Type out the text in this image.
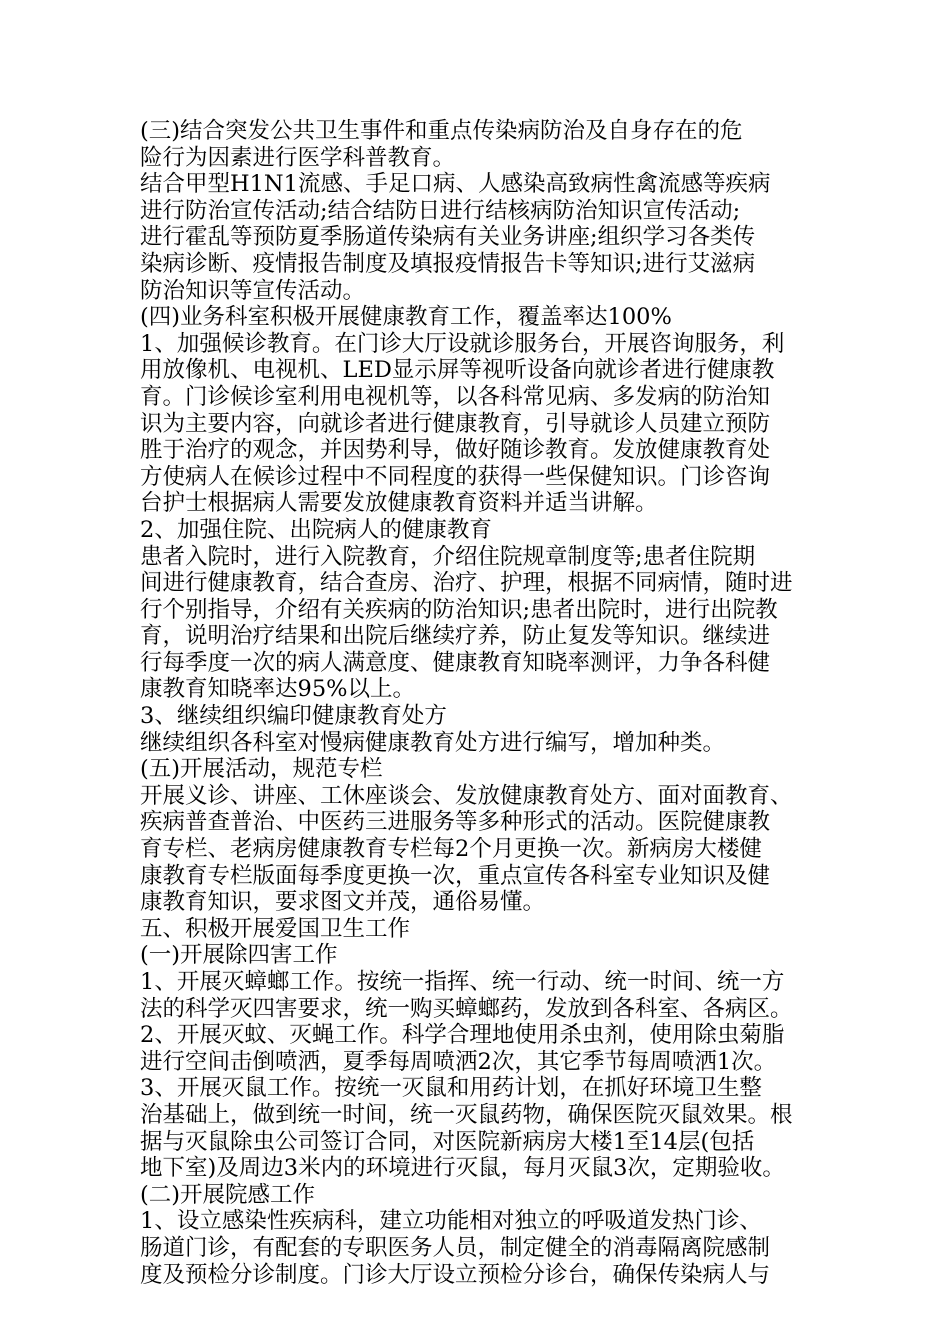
(三)结合突发公共卫生事件和重点传染病防治及自身存在的危
险行为因素进行医学科普教育。
结合甲型H1N1流感、手足口病、人感染高致病性禽流感等疾病
进行防治宣传活动;结合结防日进行结核病防治知识宣传活动;
进行霍乱等预防夏季肠道传染病有关业务讲座;组织学习各类传
染病诊断、疫情报告制度及填报疫情报告卡等知识;进行艾滋病
防治知识等宣传活动。
(四)业务科室积极开展健康教育工作，覆盖率达100%
1、加强候诊教育。在门诊大厅设就诊服务台，开展咨询服务，利
用放像机、电视机、LED显示屏等视听设备向就诊者进行健康教
育。门诊候诊室利用电视机等，以各科常见病、多发病的防治知
识为主要内容，向就诊者进行健康教育，引导就诊人员建立预防
胜于治疗的观念，并因势利导，做好随诊教育。发放健康教育处
方使病人在候诊过程中不同程度的获得一些保健知识。门诊咨询
台护士根据病人需要发放健康教育资料并适当讲解。
2、加强住院、出院病人的健康教育
患者入院时，进行入院教育，介绍住院规章制度等;患者住院期
间进行健康教育，结合查房、治疗、护理，根据不同病情，随时进
行个别指导，介绍有关疾病的防治知识;患者出院时，进行出院教
育，说明治疗结果和出院后继续疗养，防止复发等知识。继续进
行每季度一次的病人满意度、健康教育知晓率测评，力争各科健
康教育知晓率达95%以上。
3、继续组织编印健康教育处方
继续组织各科室对慢病健康教育处方进行编写，增加种类。
(五)开展活动，规范专栏
开展义诊、讲座、工休座谈会、发放健康教育处方、面对面教育、
疾病普查普治、中医药三进服务等多种形式的活动。医院健康教
育专栏、老病房健康教育专栏每2个月更换一次。新病房大楼健
康教育专栏版面每季度更换一次，重点宣传各科室专业知识及健
康教育知识，要求图文并茂，通俗易懂。
五、积极开展爱国卫生工作
(一)开展除四害工作
1、开展灭蟑螂工作。按统一指挥、统一行动、统一时间、统一方
法的科学灭四害要求，统一购买蟑螂药，发放到各科室、各病区。
2、开展灭蚊、灭蝇工作。科学合理地使用杀虫剂，使用除虫菊脂
进行空间击倒喷洒，夏季每周喷洒2次，其它季节每周喷洒1次。
3、开展灭鼠工作。按统一灭鼠和用药计划，在抓好环境卫生整
治基础上，做到统一时间，统一灭鼠药物，确保医院灭鼠效果。根
据与灭鼠除虫公司签订合同，对医院新病房大楼1至14层(包括
地下室)及周边3米内的环境进行灭鼠，每月灭鼠3次，定期验收。
(二)开展院感工作
1、设立感染性疾病科，建立功能相对独立的呼吸道发热门诊、
肠道门诊，有配套的专职医务人员，制定健全的消毒隔离院感制
度及预检分诊制度。门诊大厅设立预检分诊台，确保传染病人与
